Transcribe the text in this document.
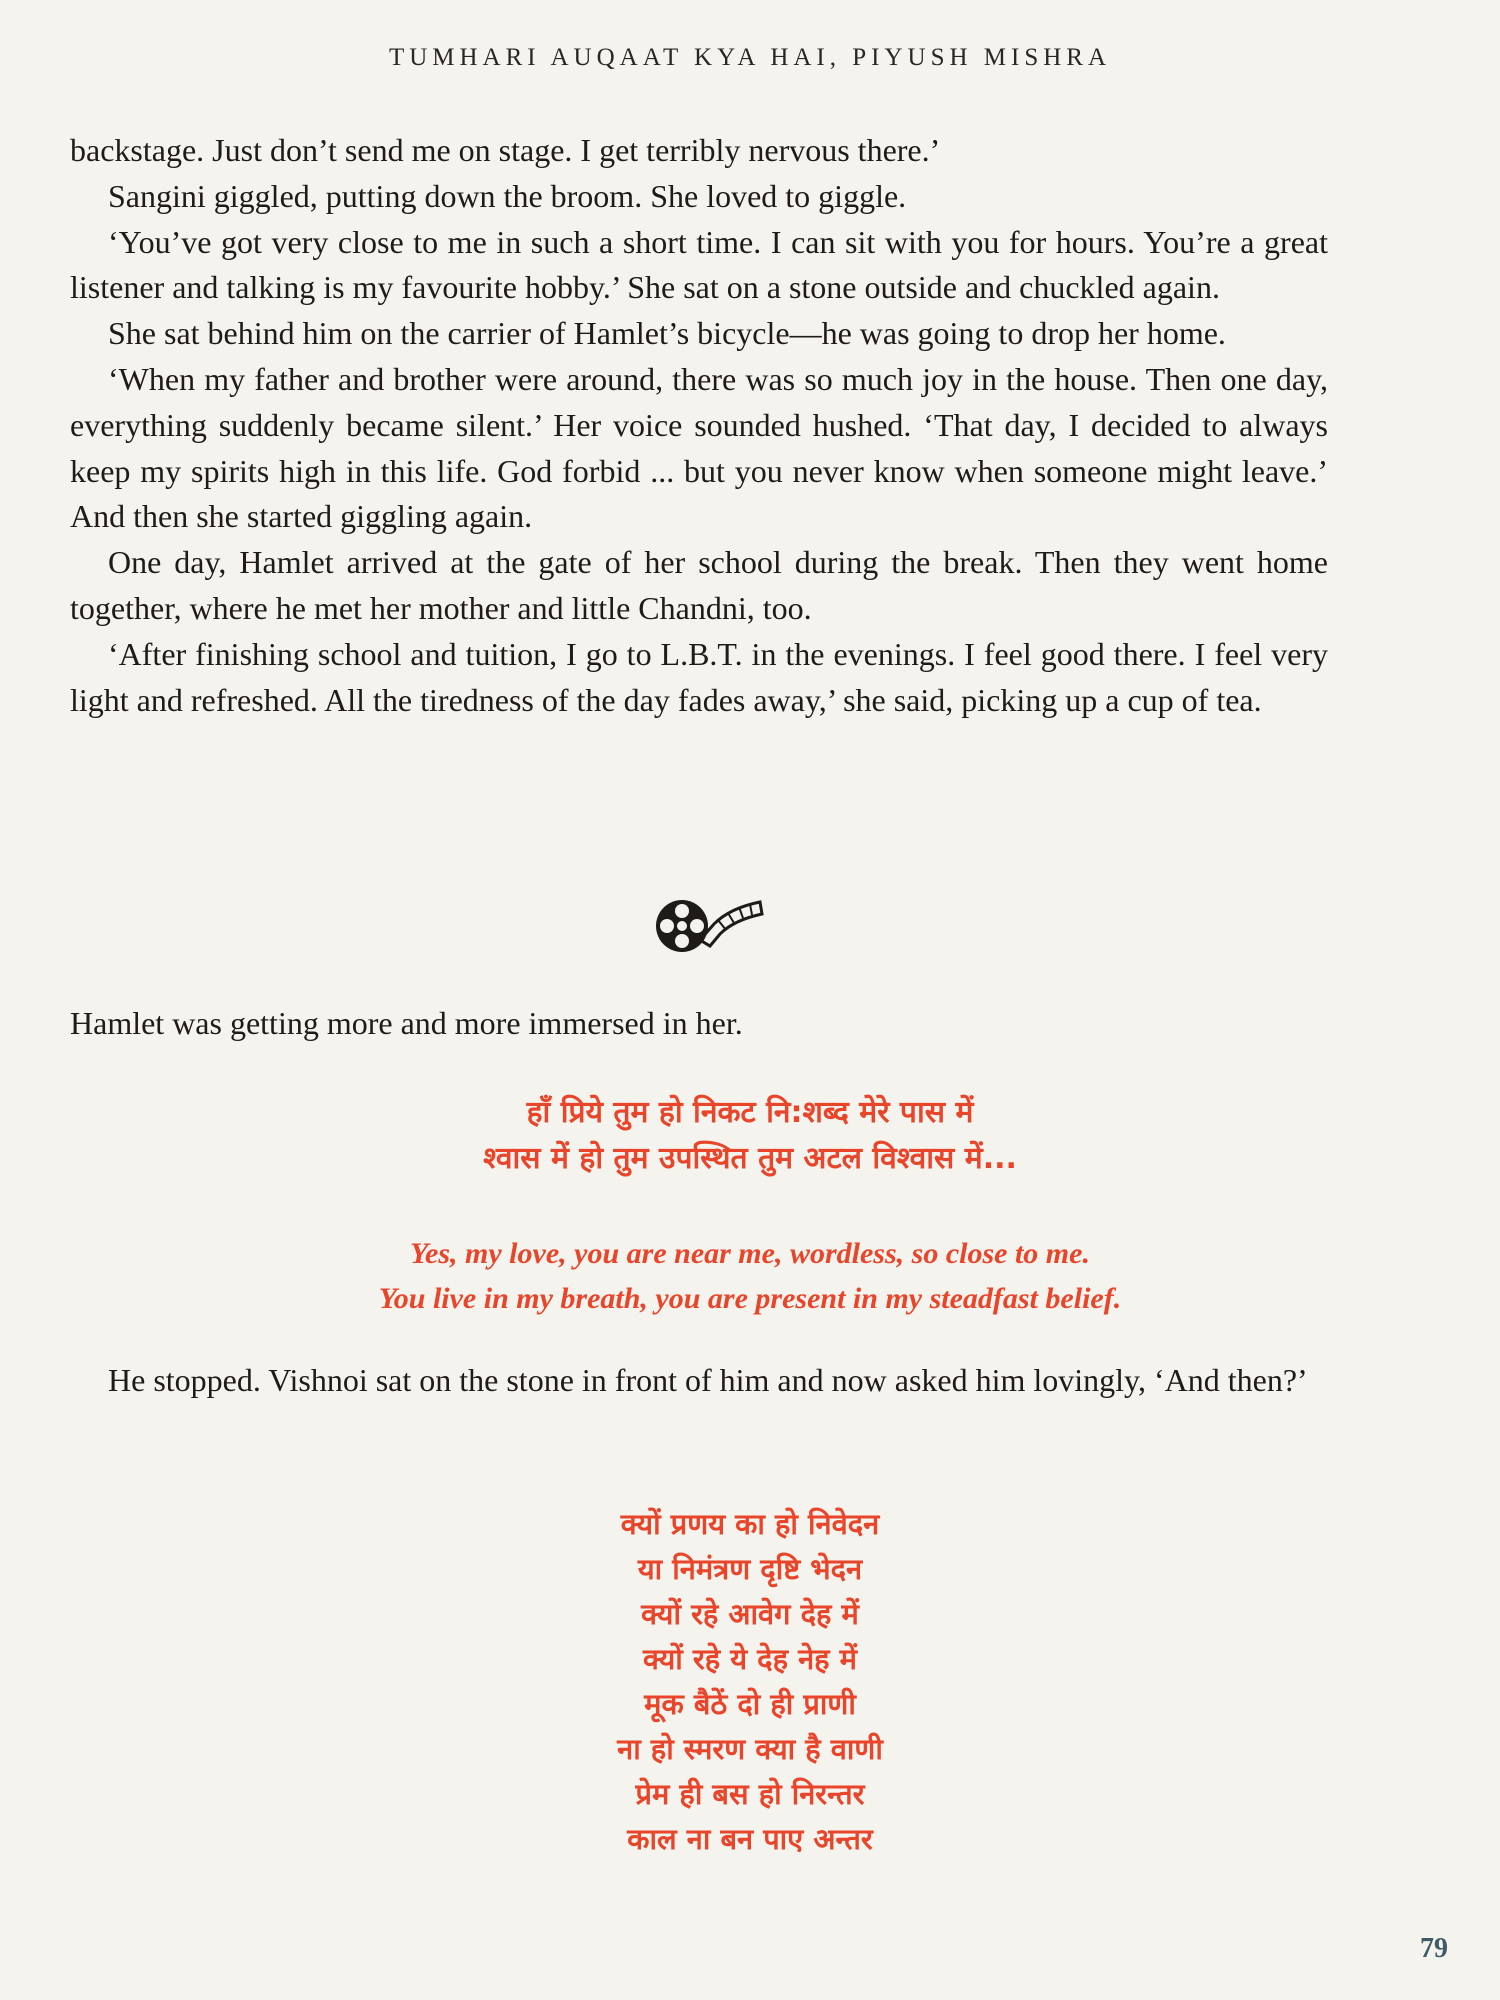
TUMHARI AUQAAT KYA HAI, PIYUSH MISHRA

backstage. Just don’t send me on stage. I get terribly nervous there.’

Sangini giggled, putting down the broom. She loved to giggle.

‘You’ve got very close to me in such a short time. I can sit with you for hours. You’re a great listener and talking is my favourite hobby.’ She sat on a stone outside and chuckled again.

She sat behind him on the carrier of Hamlet’s bicycle—he was going to drop her home.

‘When my father and brother were around, there was so much joy in the house. Then one day, everything suddenly became silent.’ Her voice sounded hushed. ‘That day, I decided to always keep my spirits high in this life. God forbid ... but you never know when someone might leave.’ And then she started giggling again.

One day, Hamlet arrived at the gate of her school during the break. Then they went home together, where he met her mother and little Chandni, too.

‘After finishing school and tuition, I go to L.B.T. in the evenings. I feel good there. I feel very light and refreshed. All the tiredness of the day fades away,’ she said, picking up a cup of tea.

Hamlet was getting more and more immersed in her.

हाँ प्रिये तुम हो निकट नि:शब्द मेरे पास में
श्वास में हो तुम उपस्थित तुम अटल विश्वास में...
Yes, my love, you are near me, wordless, so close to me.
You live in my breath, you are present in my steadfast belief.

He stopped. Vishnoi sat on the stone in front of him and now asked him lovingly, ‘And then?’

क्यों प्रणय का हो निवेदन
या निमंत्रण दृष्टि भेदन
क्यों रहे आवेग देह में
क्यों रहे ये देह नेह में
मूक बैठें दो ही प्राणी
ना हो स्मरण क्या है वाणी
प्रेम ही बस हो निरन्तर
काल ना बन पाए अन्तर
79
